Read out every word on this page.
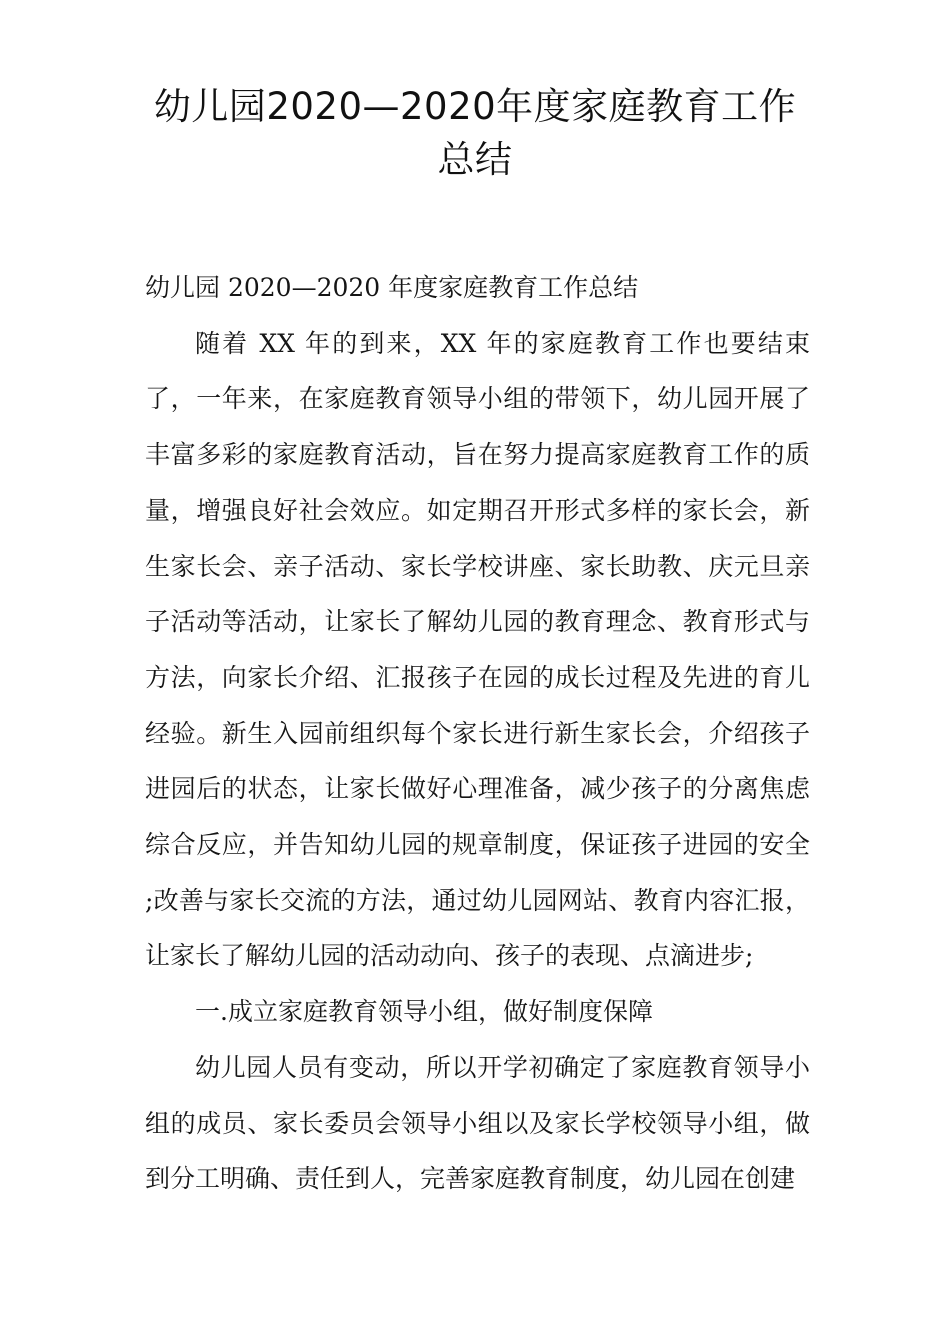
幼儿园2020—2020年度家庭教育工作总结

幼儿园 2020—2020 年度家庭教育工作总结

随着 XX 年的到来，XX 年的家庭教育工作也要结束了，一年来，在家庭教育领导小组的带领下，幼儿园开展了丰富多彩的家庭教育活动，旨在努力提高家庭教育工作的质量，增强良好社会效应。如定期召开形式多样的家长会，新生家长会、亲子活动、家长学校讲座、家长助教、庆元旦亲子活动等活动，让家长了解幼儿园的教育理念、教育形式与方法，向家长介绍、汇报孩子在园的成长过程及先进的育儿经验。新生入园前组织每个家长进行新生家长会，介绍孩子进园后的状态，让家长做好心理准备，减少孩子的分离焦虑综合反应，并告知幼儿园的规章制度，保证孩子进园的安全 ;改善与家长交流的方法，通过幼儿园网站、教育内容汇报，让家长了解幼儿园的活动动向、孩子的表现、点滴进步;

一.成立家庭教育领导小组，做好制度保障

幼儿园人员有变动，所以开学初确定了家庭教育领导小组的成员、家长委员会领导小组以及家长学校领导小组，做到分工明确、责任到人，完善家庭教育制度，幼儿园在创建
